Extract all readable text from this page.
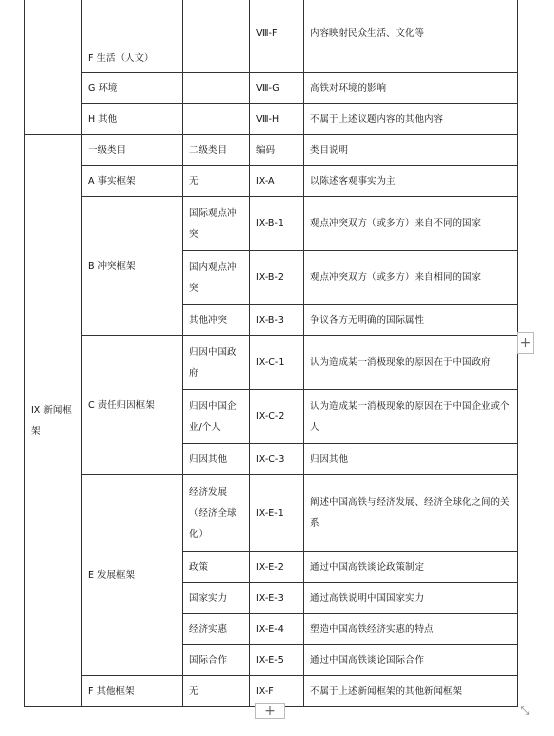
	F 生活（人文）		Ⅷ-F	内容映射民众生活、文化等
	G 环境		Ⅷ-G	高铁对环境的影响
	H 其他		Ⅷ-H	不属于上述议题内容的其他内容
IX 新闻框架	一级类目	二级类目	编码	类目说明
	A 事实框架	无	IX-A	以陈述客观事实为主
	B 冲突框架	国际观点冲突	IX-B-1	观点冲突双方（或多方）来自不同的国家
		国内观点冲突	IX-B-2	观点冲突双方（或多方）来自相同的国家
		其他冲突	IX-B-3	争议各方无明确的国际属性
	C 责任归因框架	归因中国政府	IX-C-1	认为造成某一消极现象的原因在于中国政府
		归因中国企业/个人	IX-C-2	认为造成某一消极现象的原因在于中国企业或个人
		归因其他	IX-C-3	归因其他
	E 发展框架	经济发展（经济全球化）	IX-E-1	阐述中国高铁与经济发展、经济全球化之间的关系
		政策	IX-E-2	通过中国高铁谈论政策制定
		国家实力	IX-E-3	通过高铁说明中国国家实力
		经济实惠	IX-E-4	塑造中国高铁经济实惠的特点
		国际合作	IX-E-5	通过中国高铁谈论国际合作
	F 其他框架	无	IX-F	不属于上述新闻框架的其他新闻框架
+
+	⤡
